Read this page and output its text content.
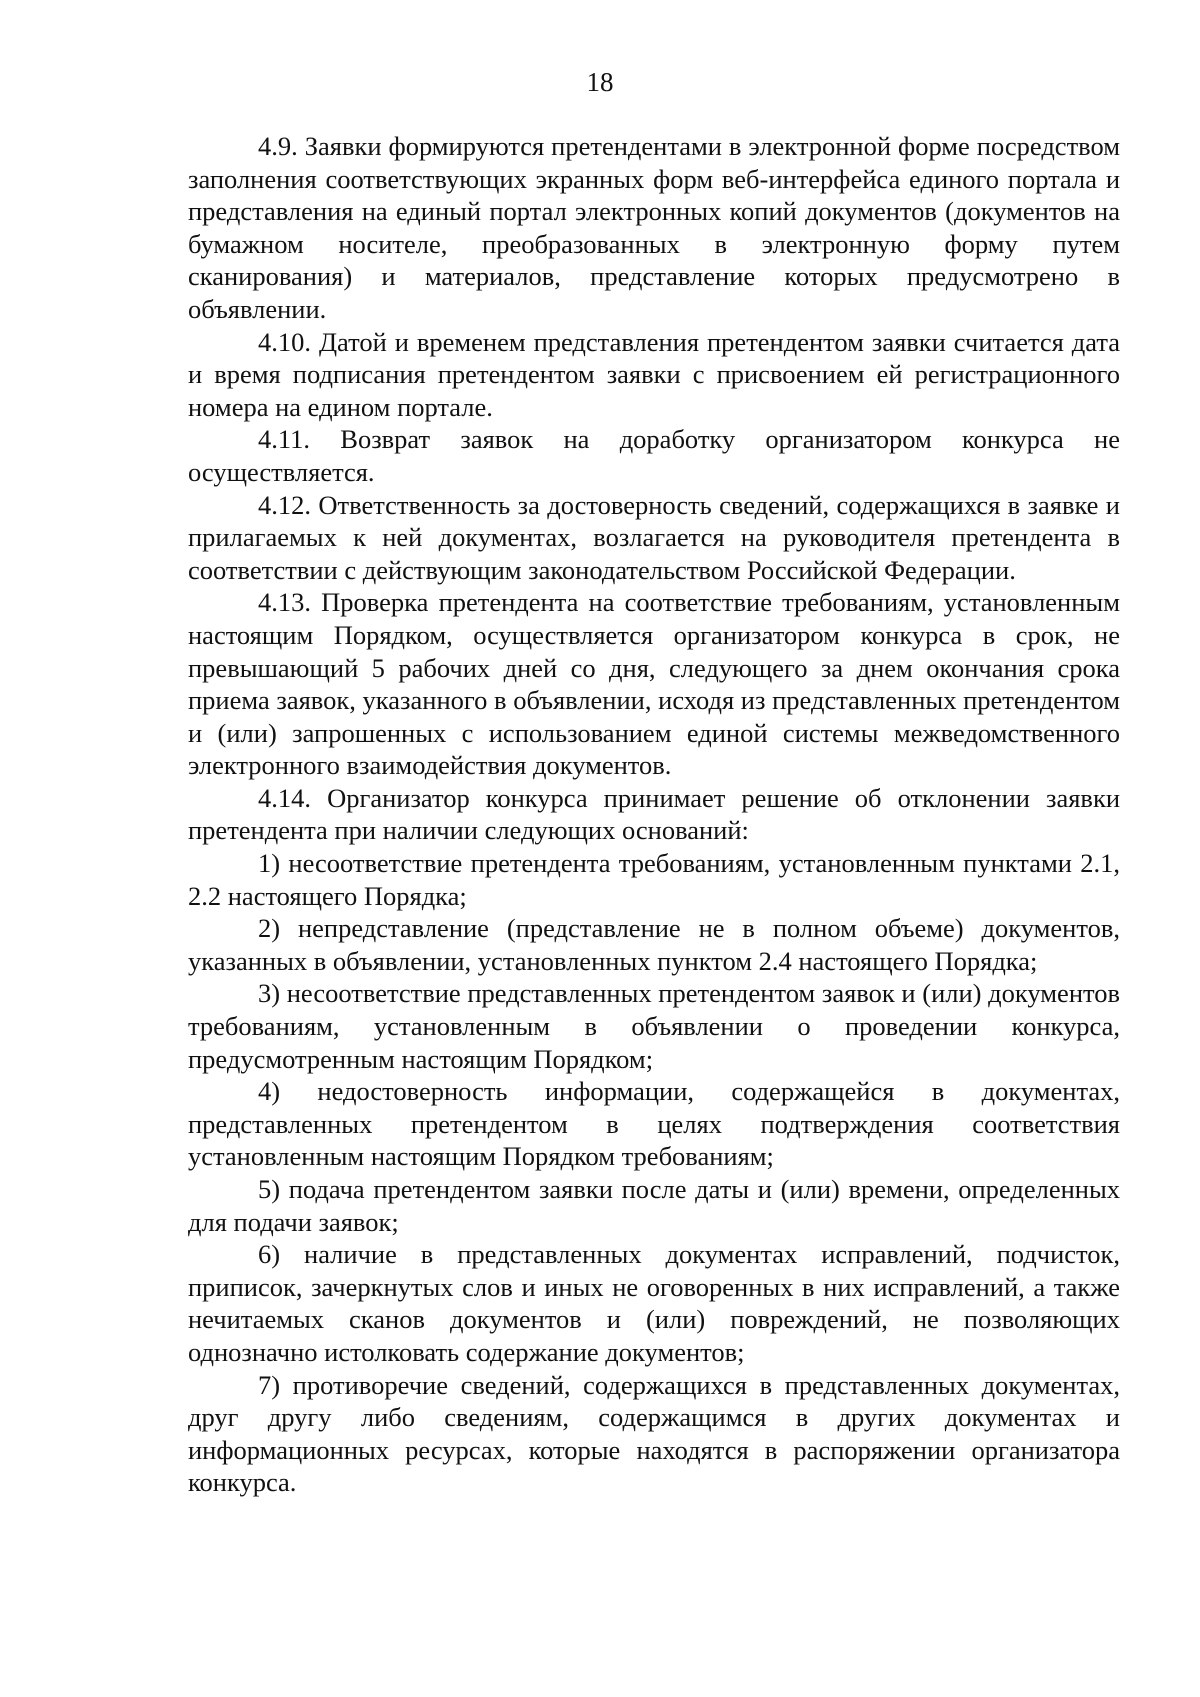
18

4.9. Заявки формируются претендентами в электронной форме посредством заполнения соответствующих экранных форм веб-интерфейса единого портала и представления на единый портал электронных копий документов (документов на бумажном носителе, преобразованных в электронную форму путем сканирования) и материалов, представление которых предусмотрено в объявлении.

4.10. Датой и временем представления претендентом заявки считается дата и время подписания претендентом заявки с присвоением ей регистрационного номера на едином портале.

4.11. Возврат заявок на доработку организатором конкурса не осуществляется.

4.12. Ответственность за достоверность сведений, содержащихся в заявке и прилагаемых к ней документах, возлагается на руководителя претендента в соответствии с действующим законодательством Российской Федерации.

4.13. Проверка претендента на соответствие требованиям, установленным настоящим Порядком, осуществляется организатором конкурса в срок, не превышающий 5 рабочих дней со дня, следующего за днем окончания срока приема заявок, указанного в объявлении, исходя из представленных претендентом и (или) запрошенных с использованием единой системы межведомственного электронного взаимодействия документов.

4.14. Организатор конкурса принимает решение об отклонении заявки претендента при наличии следующих оснований:

1) несоответствие претендента требованиям, установленным пунктами 2.1, 2.2 настоящего Порядка;

2) непредставление (представление не в полном объеме) документов, указанных в объявлении, установленных пунктом 2.4 настоящего Порядка;

3) несоответствие представленных претендентом заявок и (или) документов требованиям, установленным в объявлении о проведении конкурса, предусмотренным настоящим Порядком;

4) недостоверность информации, содержащейся в документах, представленных претендентом в целях подтверждения соответствия установленным настоящим Порядком требованиям;

5) подача претендентом заявки после даты и (или) времени, определенных для подачи заявок;

6) наличие в представленных документах исправлений, подчисток, приписок, зачеркнутых слов и иных не оговоренных в них исправлений, а также нечитаемых сканов документов и (или) повреждений, не позволяющих однозначно истолковать содержание документов;

7) противоречие сведений, содержащихся в представленных документах, друг другу либо сведениям, содержащимся в других документах и информационных ресурсах, которые находятся в распоряжении организатора конкурса.
